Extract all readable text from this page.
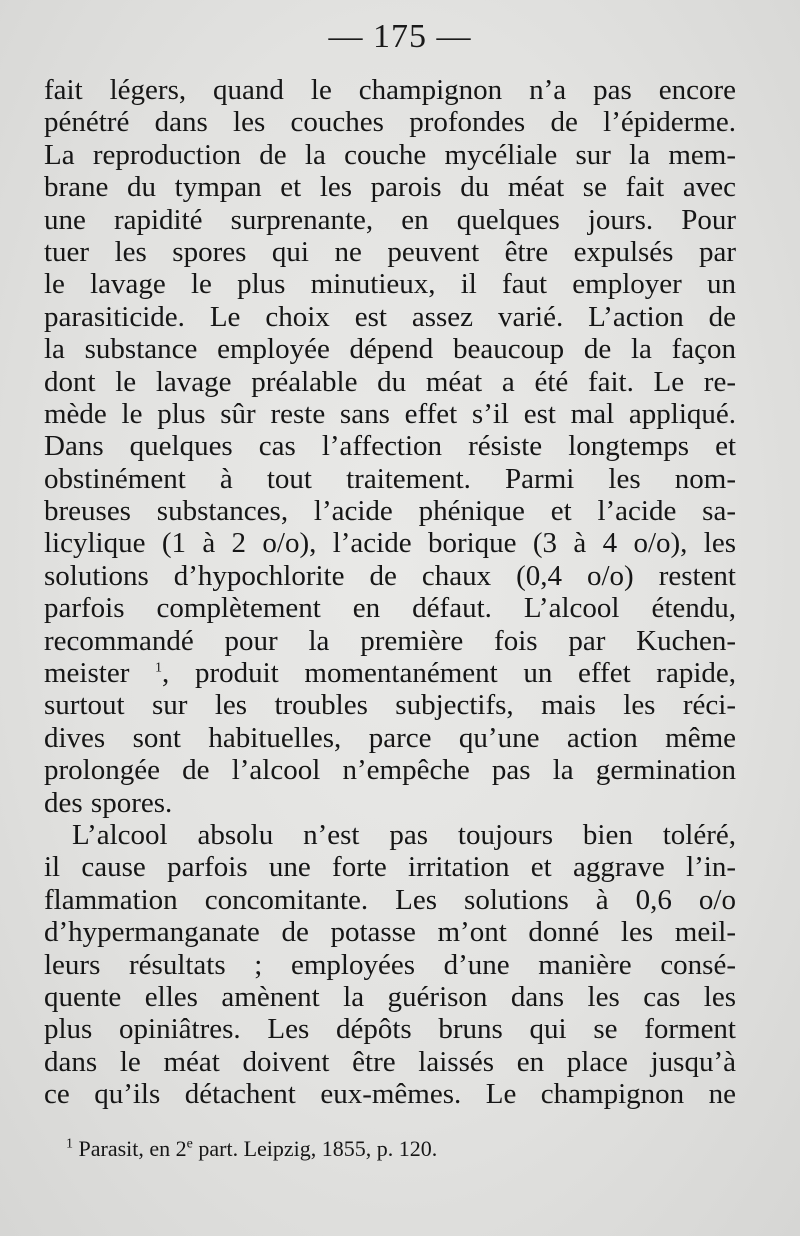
— 175 —
fait légers, quand le champignon n’a pas encore
pénétré dans les couches profondes de l’épiderme.
La reproduction de la couche mycéliale sur la mem-
brane du tympan et les parois du méat se fait avec
une rapidité surprenante, en quelques jours. Pour
tuer les spores qui ne peuvent être expulsés par
le lavage le plus minutieux, il faut employer un
parasiticide. Le choix est assez varié. L’action de
la substance employée dépend beaucoup de la façon
dont le lavage préalable du méat a été fait. Le re-
mède le plus sûr reste sans effet s’il est mal appliqué.
Dans quelques cas l’affection résiste longtemps et
obstinément à tout traitement. Parmi les nom-
breuses substances, l’acide phénique et l’acide sa-
licylique (1 à 2 o/o), l’acide borique (3 à 4 o/o), les
solutions d’hypochlorite de chaux (0,4 o/o) restent
parfois complètement en défaut. L’alcool étendu,
recommandé pour la première fois par Kuchen-
meister $^1$, produit momentanément un effet rapide,
surtout sur les troubles subjectifs, mais les réci-
dives sont habituelles, parce qu’une action même
prolongée de l’alcool n’empêche pas la germination
des spores.
L’alcool absolu n’est pas toujours bien toléré,
il cause parfois une forte irritation et aggrave l’in-
flammation concomitante. Les solutions à 0,6 o/o
d’hypermanganate de potasse m’ont donné les meil-
leurs résultats ; employées d’une manière consé-
quente elles amènent la guérison dans les cas les
plus opiniâtres. Les dépôts bruns qui se forment
dans le méat doivent être laissés en place jusqu’à
ce qu’ils détachent eux-mêmes. Le champignon ne
$^1$ Parasit, en 2e part. Leipzig, 1855, p. 120.
